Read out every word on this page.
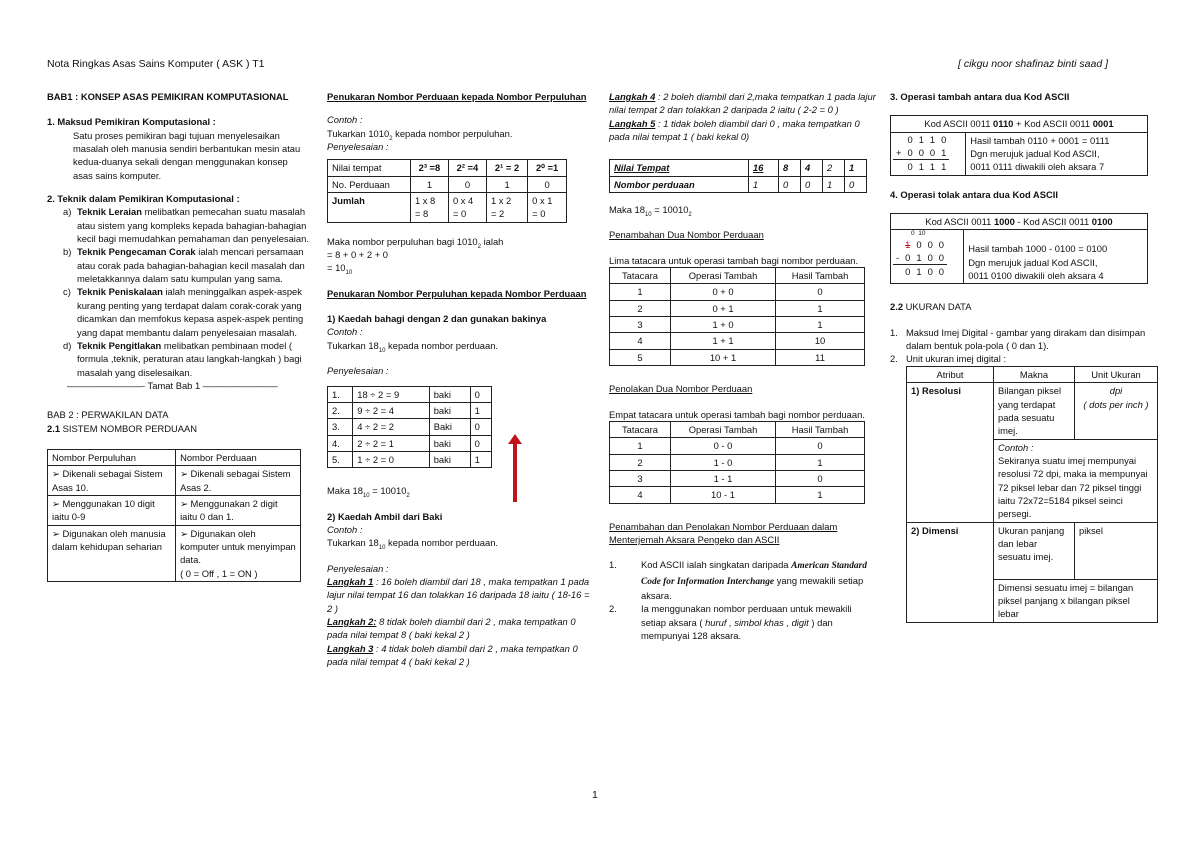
Nota Ringkas Asas Sains Komputer ( ASK ) T1	[ cikgu noor shafinaz binti saad ]

BAB1 : KONSEP ASAS PEMIKIRAN KOMPUTASIONAL

1. Maksud Pemikiran Komputasional :

Satu proses pemikiran bagi tujuan menyelesaikan masalah oleh manusia sendiri berbantukan mesin atau kedua-duanya sekali dengan menggunakan konsep asas sains komputer.

2. Teknik dalam Pemikiran Komputasional :

a) Teknik Leraian melibatkan pemecahan suatu masalah atau sistem yang kompleks kepada bahagian-bahagian kecil bagi memudahkan pemahaman dan penyelesaian.
b) Teknik Pengecaman Corak ialah mencari persamaan atau corak pada bahagian-bahagian kecil masalah dan meletakkannya dalam satu kumpulan yang sama.
c) Teknik Peniskalaan ialah meninggalkan aspek-aspek kurang penting yang terdapat dalam corak-corak yang dicamkan dan memfokus kepasa aspek-aspek penting yang dapat membantu dalam penyelesaian masalah.
d) Teknik Pengitlakan melibatkan pembinaan model ( formula ,teknik, peraturan atau langkah-langkah ) bagi masalah yang diselesaikan.

————————- Tamat Bab 1 ————————

BAB 2 : PERWAKILAN DATA

2.1 SISTEM NOMBOR PERDUAAN

Nombor Perpuluhan	Nombor Perduaan
➢ Dikenali sebagai Sistem Asas 10.	➢ Dikenali sebagai Sistem Asas 2.
➢ Menggunakan 10 digit iaitu 0-9	➢ Menggunakan 2 digit iaitu 0 dan 1.
➢ Digunakan oleh manusia dalam kehidupan seharian	➢ Digunakan oleh komputer untuk menyimpan data.
( 0 = Off , 1 = ON )

Penukaran Nombor Perduaan kepada Nombor Perpuluhan

Contoh :

Tukarkan $1010_2$ kepada nombor perpuluhan.

Penyelesaian :

Nilai tempat	2³ =8	2² =4	2¹ = 2	2⁰ =1
No. Perduaan	1	0	1	0
Jumlah	1 x 8
= 8	0 x 4
= 0	1 x 2
= 2	0 x 1
= 0

Maka nombor perpuluhan bagi $1010_2$ ialah

= 8 + 0 + 2 + 0

= $10_{10}$

Penukaran Nombor Perpuluhan kepada Nombor Perduaan

1) Kaedah bahagi dengan 2 dan gunakan bakinya

Contoh :

Tukarkan $18_{10}$ kepada nombor perduaan.

Penyelesaian :

1.	18 ÷ 2 = 9	baki	0
2.	9 ÷ 2 = 4	baki	1
3.	4 ÷ 2 = 2	Baki	0
4.	2 ÷ 2 = 1	baki	0
5.	1 ÷ 2 = 0	baki	1

Maka $18_{10} = 10010_2$

2) Kaedah Ambil dari Baki

Contoh :

Tukarkan $18_{10}$ kepada nombor perduaan.

Penyelesaian :

Langkah 1 : 16 boleh diambil dari 18 , maka tempatkan 1 pada lajur nilai tempat 16 dan tolakkan 16 daripada 18 iaitu ( 18-16 = 2 )

Langkah 2: 8 tidak boleh diambil dari 2 , maka tempatkan 0 pada nilai tempat 8 ( baki kekal 2 )

Langkah 3 : 4 tidak boleh diambil dari 2 , maka tempatkan 0 pada nilai tempat 4 ( baki kekal 2 )

Langkah 4 : 2 boleh diambil dari 2,maka tempatkan 1 pada lajur nilai tempat 2 dan tolakkan 2 daripada 2 iaitu ( 2-2 = 0 )

Langkah 5 : 1 tidak boleh diambil dari 0 , maka tempatkan 0 pada nilai tempat 1 ( baki kekal 0)

Nilai Tempat	16	8	4	2	1
Nombor perduaan	1	0	0	1	0

Maka $18_{10} = 10010_2$

Penambahan Dua Nombor Perduaan

Lima tatacara untuk operasi tambah bagi nombor perduaan.

Tatacara	Operasi Tambah	Hasil Tambah
1	0 + 0	0
2	0 + 1	1
3	1 + 0	1
4	1 + 1	10
5	10 + 1	11

Penolakan Dua Nombor Perduaan

Empat tatacara untuk operasi tambah bagi nombor perduaan.

Tatacara	Operasi Tambah	Hasil Tambah
1	0 - 0	0
2	1 - 0	1
3	1 - 1	0
4	10 - 1	1

Penambahan dan Penolakan Nombor Perduaan dalam Menterjemah Aksara Pengeko dan ASCII

1.	Kod ASCII ialah singkatan daripada American Standard Code for Information Interchange yang mewakili setiap aksara.
2.	Ia menggunakan nombor perduaan untuk mewakili setiap aksara ( huruf , simbol khas , digit ) dan mempunyai 128 aksara.

3. Operasi tambah antara dua Kod ASCII

Kod ASCII 0011 0110 + Kod ASCII 0011 0001

	0	1	1	0
+	0	0	0	1
	0	1	1	1
	Hasil tambah 0110 + 0001 = 0111
Dgn merujuk jadual Kod ASCII,
0011 0111 diwakili oleh aksara 7

4. Operasi tolak antara dua Kod ASCII

Kod ASCII 0011 1000 - Kod ASCII 0011 0100

0 10
	1	0	0	0
-	0	1	0	0
	0	1	0	0
	Hasil tambah 1000 - 0100 = 0100
Dgn merujuk jadual Kod ASCII,
0011 0100 diwakili oleh aksara 4

2.2 UKURAN DATA

1. Maksud Imej Digital - gambar yang dirakam dan disimpan dalam bentuk pola-pola ( 0 dan 1).
2. Unit ukuran imej digital :
Atribut	Makna	Unit Ukuran
1) Resolusi	Bilangan piksel yang terdapat pada sesuatu imej.	dpi
( dots per inch )
	Contoh :
Sekiranya suatu imej mempunyai resolusi 72 dpi, maka ia mempunyai 72 piksel lebar dan 72 piksel tinggi iaitu 72x72=5184 piksel seinci persegi.	
2) Dimensi	Ukuran panjang dan lebar sesuatu imej.	piksel
	Dimensi sesuatu imej = bilangan piksel panjang x bilangan piksel lebar	
1
